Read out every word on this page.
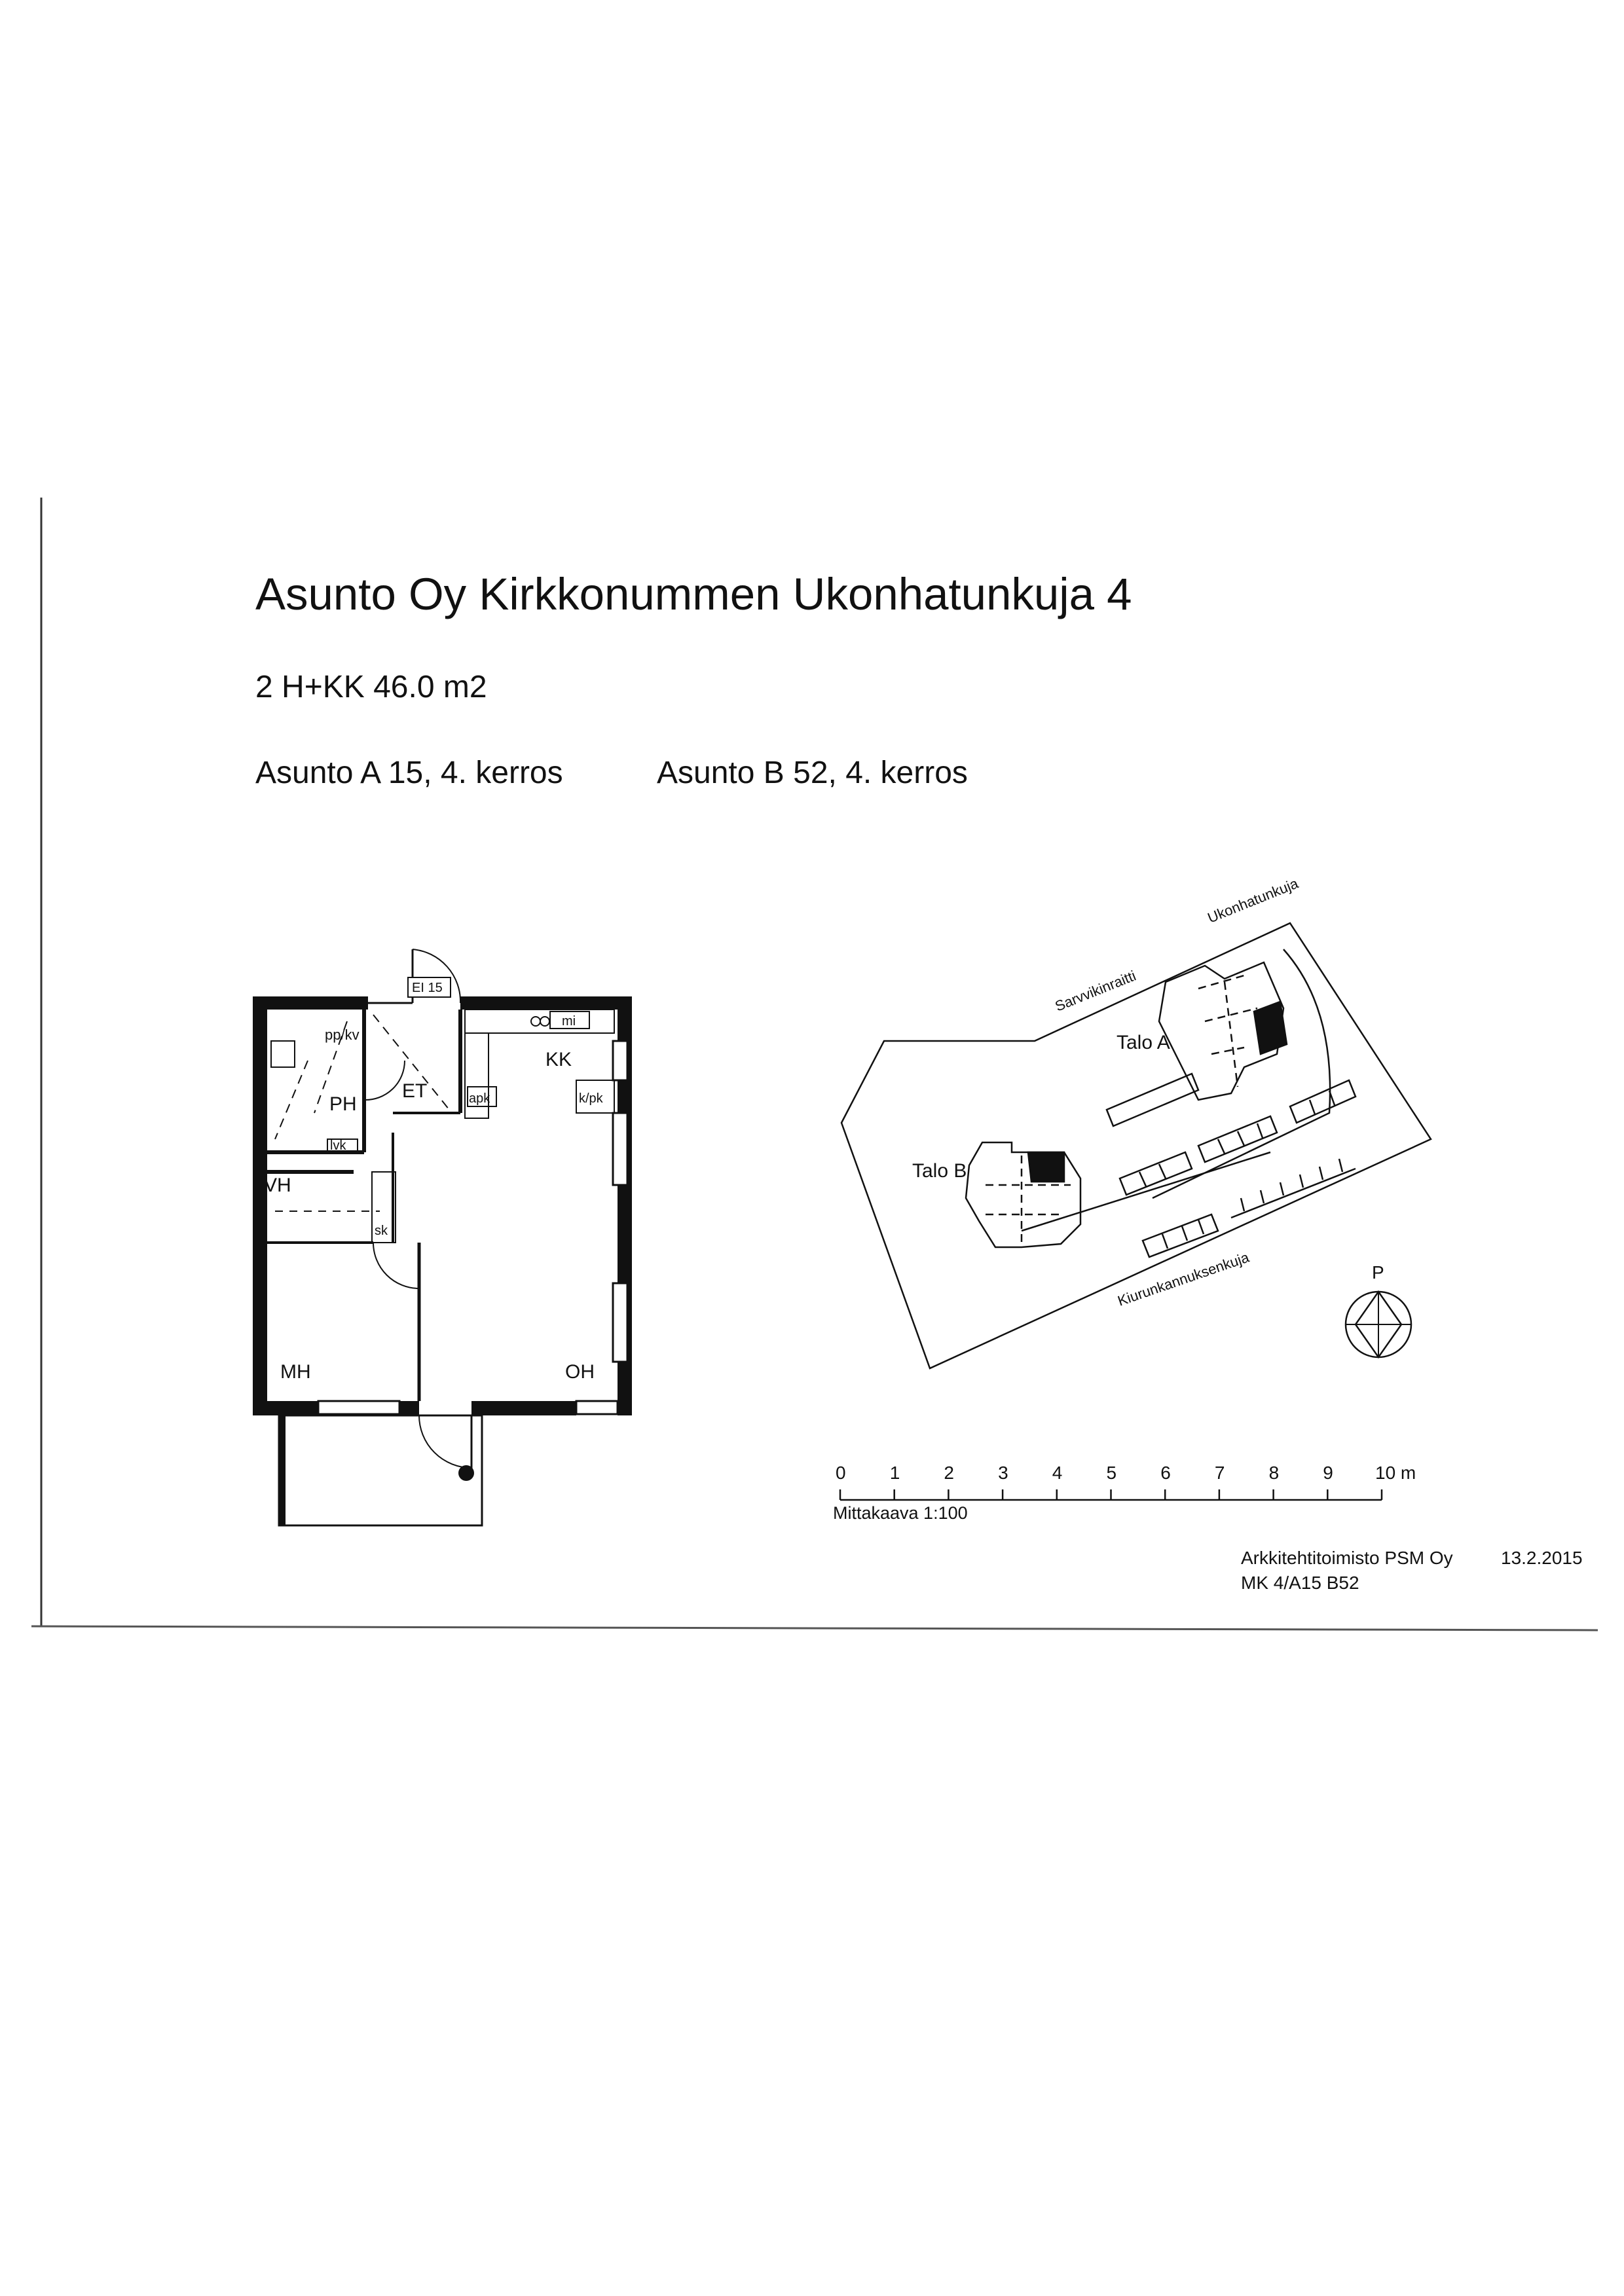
Asunto Oy Kirkkonummen Ukonhatunkuja 4
2 H+KK 46.0 m2
Asunto A 15, 4. kerros	Asunto B 52, 4. kerros
MH	OH
KK
PH
ET
VH
pp/kv
lvk
sk
apk	k/pk
mi
EI 15	Sarvvikinraitti
Ukonhatunkuja
Kiurunkannuksenkuja
Talo A
Talo B
P
0 1 2 3 4 5 6 7 8 9 10 m
Mittakaava 1:100
Arkkitehtitoimisto PSM Oy
MK 4/A15 B52
13.2.2015
